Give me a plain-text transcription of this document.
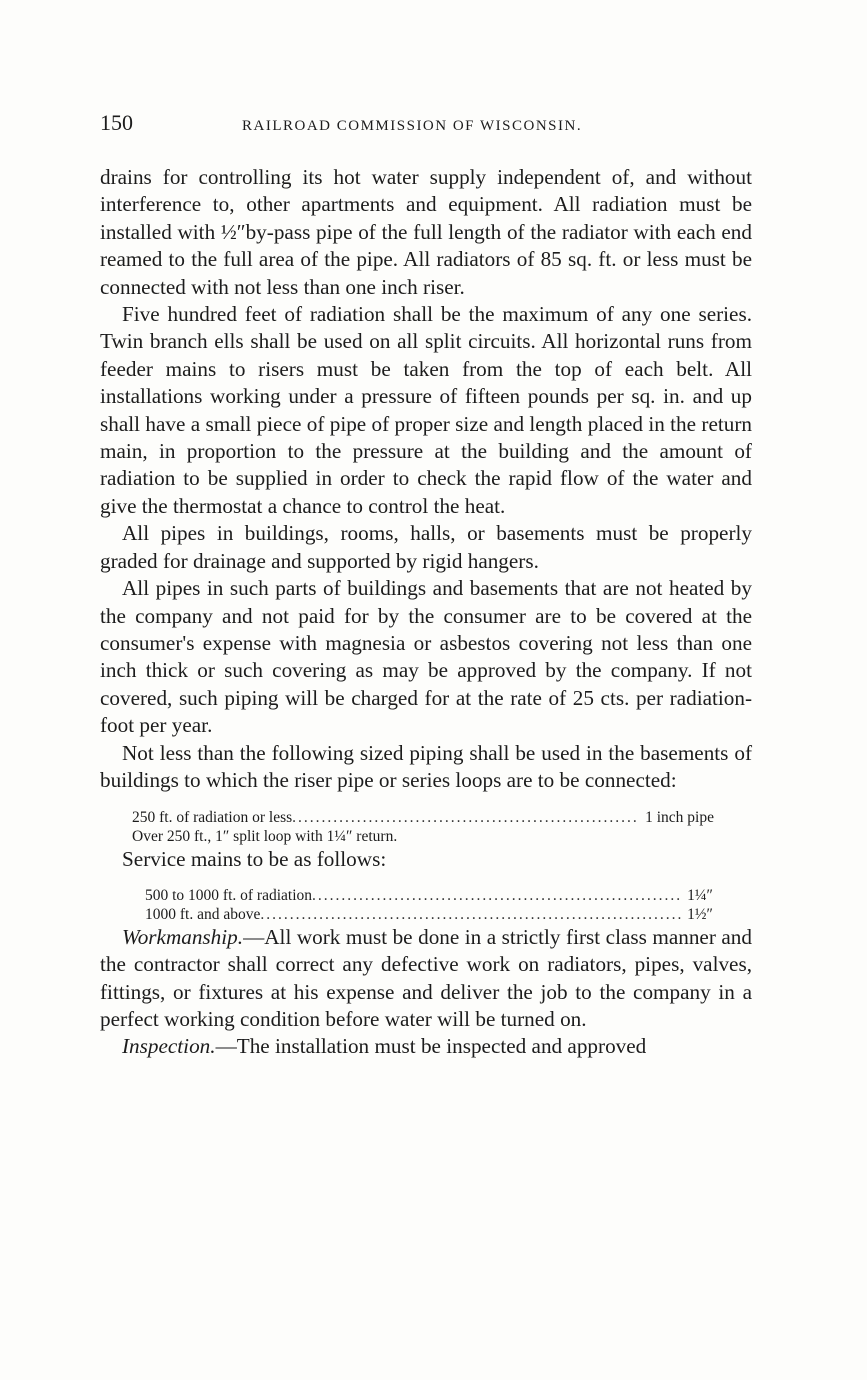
150	RAILROAD COMMISSION OF WISCONSIN.

drains for controlling its hot water supply independent of, and without interference to, other apartments and equipment. All radiation must be installed with ½″by-pass pipe of the full length of the radiator with each end reamed to the full area of the pipe. All radiators of 85 sq. ft. or less must be connected with not less than one inch riser.

Five hundred feet of radiation shall be the maximum of any one series. Twin branch ells shall be used on all split circuits. All horizontal runs from feeder mains to risers must be taken from the top of each belt. All installations working under a pressure of fifteen pounds per sq. in. and up shall have a small piece of pipe of proper size and length placed in the return main, in proportion to the pressure at the building and the amount of radiation to be supplied in order to check the rapid flow of the water and give the thermostat a chance to control the heat.

All pipes in buildings, rooms, halls, or basements must be properly graded for drainage and supported by rigid hangers.

All pipes in such parts of buildings and basements that are not heated by the company and not paid for by the consumer are to be covered at the consumer's expense with magnesia or asbestos covering not less than one inch thick or such covering as may be approved by the company. If not covered, such piping will be charged for at the rate of 25 cts. per radiation-foot per year.

Not less than the following sized piping shall be used in the basements of buildings to which the riser pipe or series loops are to be connected:

250 ft. of radiation or less .....	1 inch pipe
Over 250 ft., 1″ split loop with 1¼″ return.

Service mains to be as follows:

500 to 1000 ft. of radiation .....	1¼″
1000 ft. and above .....	1½″

Workmanship.—All work must be done in a strictly first class manner and the contractor shall correct any defective work on radiators, pipes, valves, fittings, or fixtures at his expense and deliver the job to the company in a perfect working condition before water will be turned on.

Inspection.—The installation must be inspected and approved
